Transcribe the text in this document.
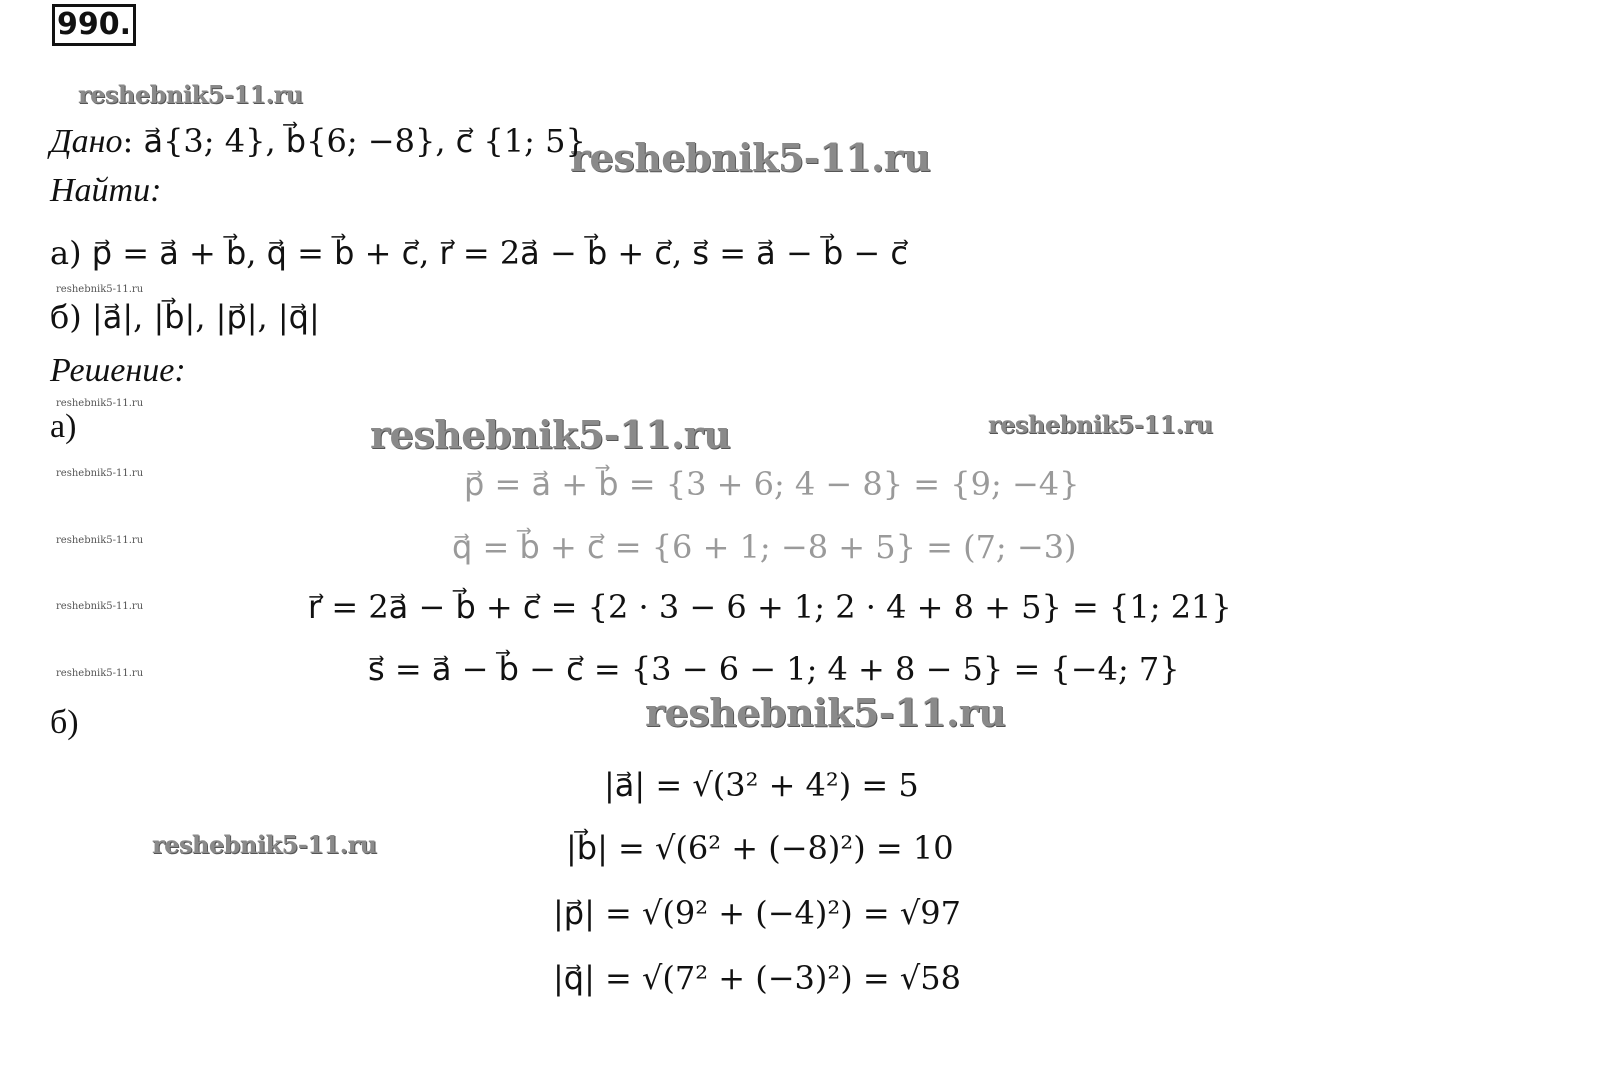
990.
reshebnik5-11.ru
reshebnik5-11.ru
reshebnik5-11.ru
reshebnik5-11.ru
reshebnik5-11.ru	reshebnik5-11.ru
reshebnik5-11.ru
reshebnik5-11.ru
reshebnik5-11.ru
reshebnik5-11.ru
reshebnik5-11.ru
reshebnik5-11.ru
Дано: a⃗{3; 4}, b⃗{6; −8}, c⃗ {1; 5}
Найти:
а) p⃗ = a⃗ + b⃗, q⃗ = b⃗ + c⃗, r⃗ = 2a⃗ − b⃗ + c⃗, s⃗ = a⃗ − b⃗ − c⃗
б) |a⃗|, |b⃗|, |p⃗|, |q⃗|
Решение:
а)
p⃗ = a⃗ + b⃗ = {3 + 6; 4 − 8} = {9; −4}
q⃗ = b⃗ + c⃗ = {6 + 1; −8 + 5} = (7; −3)
r⃗ = 2a⃗ − b⃗ + c⃗ = {2 · 3 − 6 + 1; 2 · 4 + 8 + 5} = {1; 21}
s⃗ = a⃗ − b⃗ − c⃗ = {3 − 6 − 1; 4 + 8 − 5} = {−4; 7}
б)
|a⃗| = √(3² + 4²) = 5
|b⃗| = √(6² + (−8)²) = 10
|p⃗| = √(9² + (−4)²) = √97
|q⃗| = √(7² + (−3)²) = √58
